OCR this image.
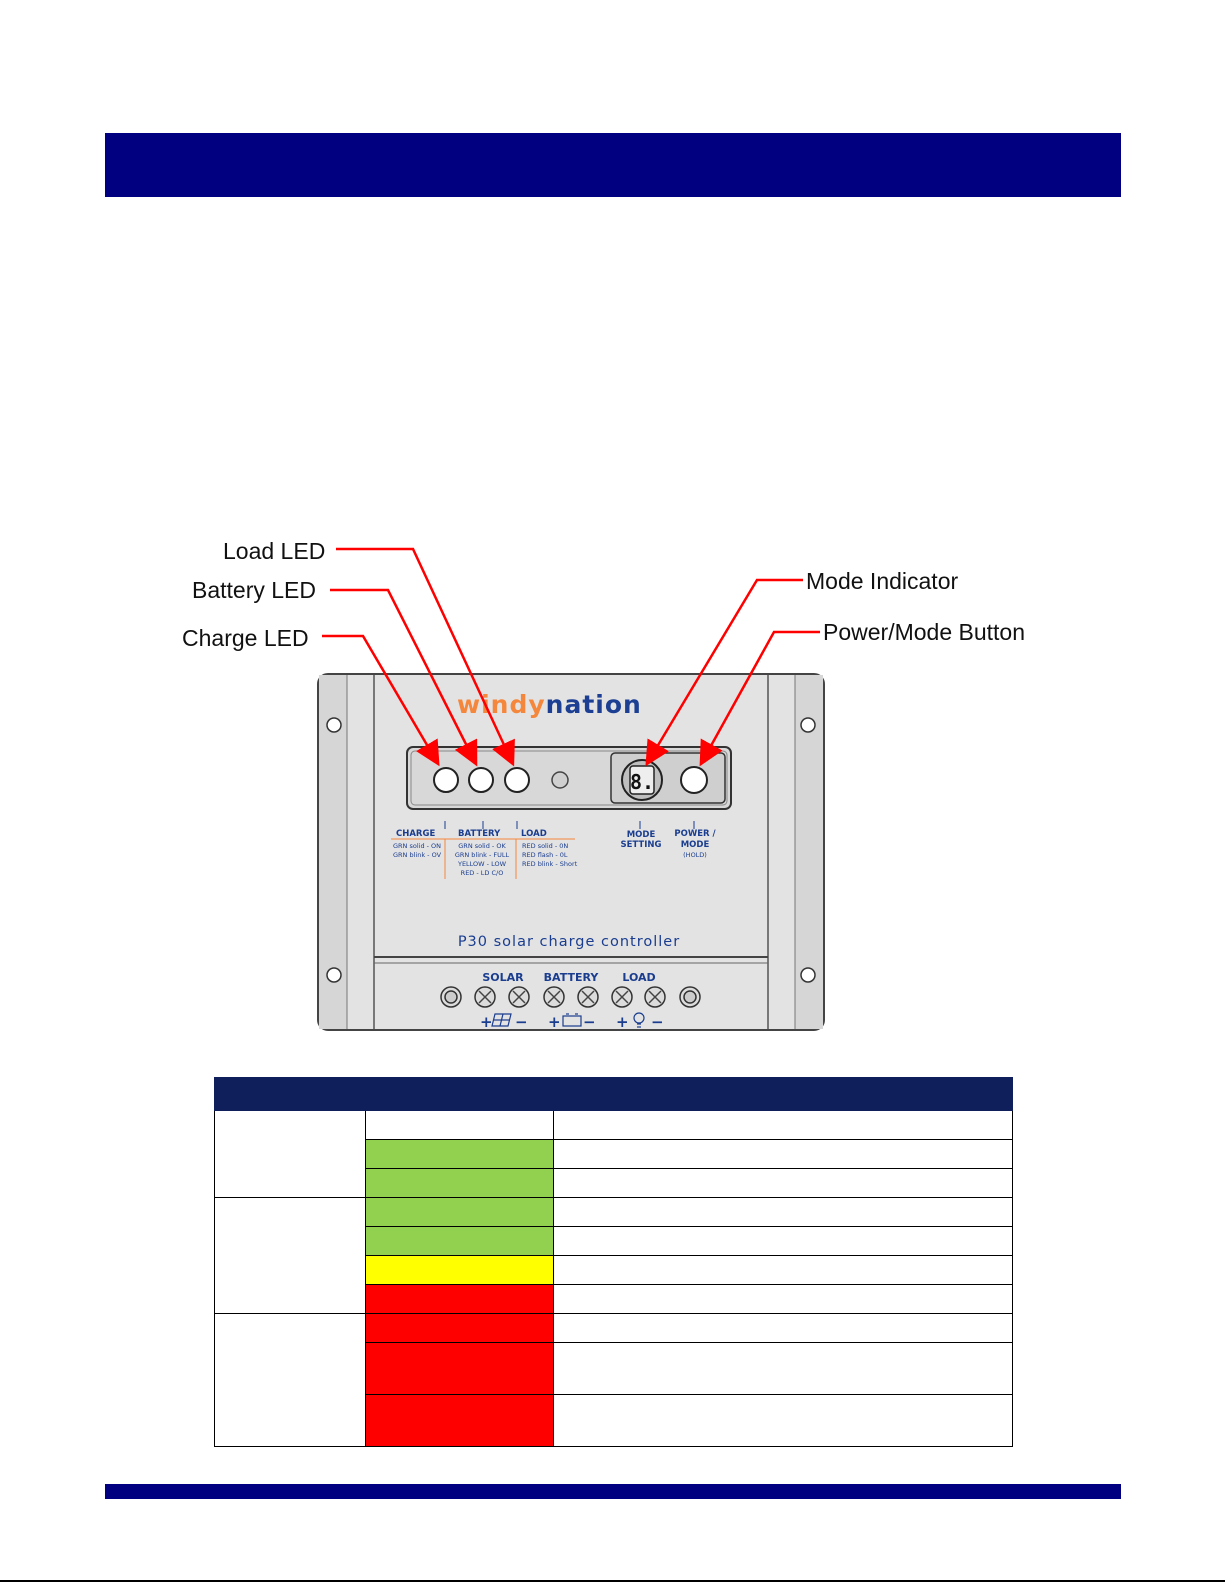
Load LED
Battery LED
Charge LED
Mode Indicator
Power/Mode Button
windynation
8.
CHARGE	BATTERY LOAD	MODE
SETTING
POWER /
MODE
(HOLD)
GRN solid - ON
GRN blink - OV
GRN solid - OK
GRN blink - FULL
YELLOW - LOW
RED - LD C/O
RED solid - 0N
RED flash - 0L
RED blink - Short
P30 solar charge controller
SOLAR BATTERY LOAD
+ − + − + −
